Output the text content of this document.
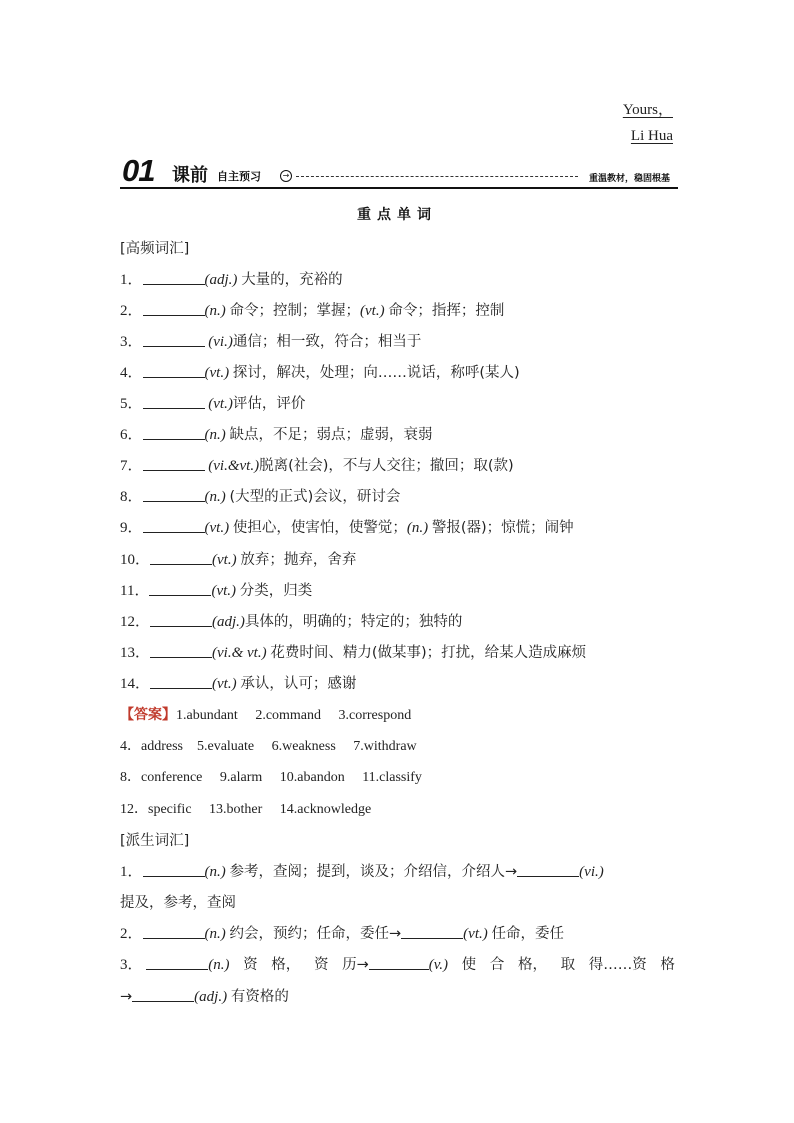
Yours，
Li Hua
01 课前 自主预习	→	重温教材，稳固根基
重点单词
[高频词汇]
1．	(adj.) 大量的，充裕的
2．	(n.) 命令；控制；掌握；(vt.) 命令；指挥；控制
3．	(vi.)通信；相一致，符合；相当于
4．	(vt.) 探讨，解决，处理；向……说话，称呼(某人)
5．	(vt.)评估，评价
6．	(n.) 缺点，不足；弱点；虚弱，衰弱
7．	(vi.&vt.)脱离(社会)，不与人交往；撤回；取(款)
8．	(n.) (大型的正式)会议，研讨会
9．	(vt.) 使担心，使害怕，使警觉；(n.) 警报(器)；惊慌；闹钟
10．	(vt.) 放弃；抛弃，舍弃
11．	(vt.) 分类，归类
12．	(adj.)具体的，明确的；特定的；独特的
13．	(vi.& vt.) 花费时间、精力(做某事)；打扰，给某人造成麻烦
14．	(vt.) 承认，认可；感谢
【答案】1.abundant　 2.command　 3.correspond
4．address　5.evaluate　 6.weakness　 7.withdraw
8．conference　 9.alarm　 10.abandon　 11.classify
12．specific　 13.bother　 14.acknowledge
[派生词汇]
1．	(n.) 参考，查阅；提到，谈及；介绍信，介绍人→	(vi.)
提及，参考，查阅
2．	(n.) 约会，预约；任命，委任→	(vt.) 任命，委任
3．	(n.) 资 格， 资 历→	(v.) 使 合 格， 取 得……资 格
→	(adj.) 有资格的
